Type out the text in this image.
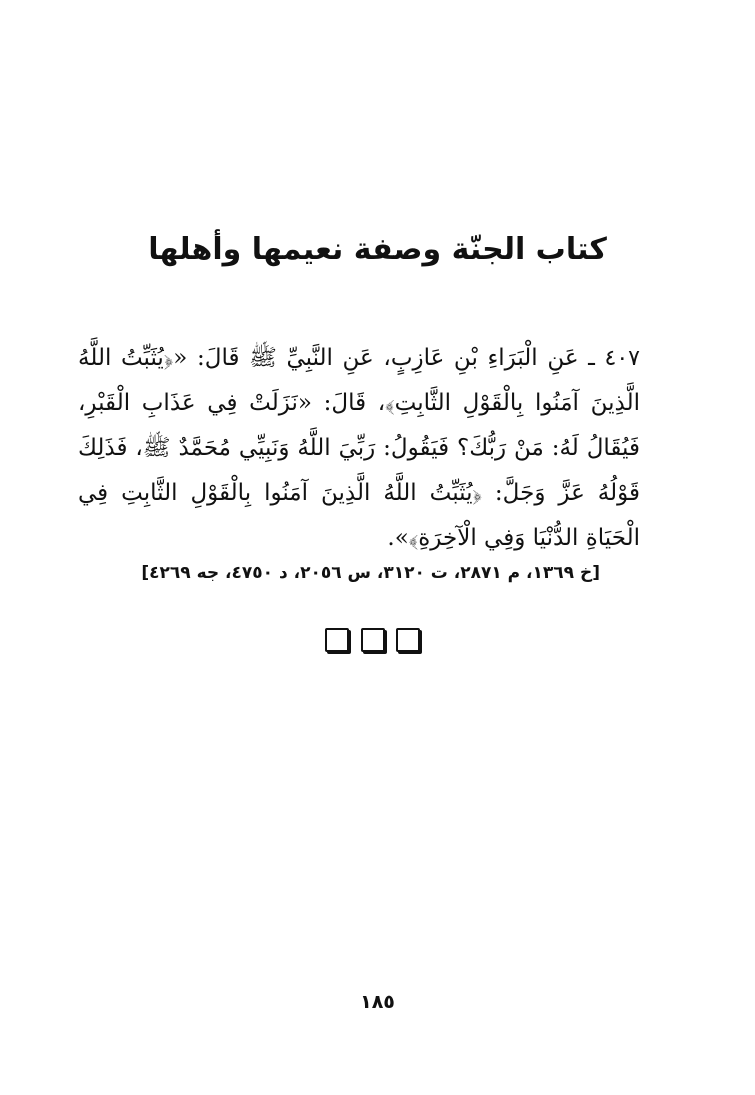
كتاب الجنّة وصفة نعيمها وأهلها
٤٠٧ ـ عَنِ الْبَرَاءِ بْنِ عَازِبٍ، عَنِ النَّبِيِّ ﷺ قَالَ: «﴿يُثَبِّتُ اللَّهُ الَّذِينَ آمَنُوا بِالْقَوْلِ الثَّابِتِ﴾، قَالَ: «نَزَلَتْ فِي عَذَابِ الْقَبْرِ، فَيُقَالُ لَهُ: مَنْ رَبُّكَ؟ فَيَقُولُ: رَبِّيَ اللَّهُ وَنَبِيِّي مُحَمَّدٌ ﷺ، فَذَلِكَ قَوْلُهُ عَزَّ وَجَلَّ: ﴿يُثَبِّتُ اللَّهُ الَّذِينَ آمَنُوا بِالْقَوْلِ الثَّابِتِ فِي الْحَيَاةِ الدُّنْيَا وَفِي الْآخِرَةِ﴾».
[خ ١٣٦٩، م ٢٨٧١، ت ٣١٢٠، س ٢٠٥٦، د ٤٧٥٠، جه ٤٢٦٩]
١٨٥
